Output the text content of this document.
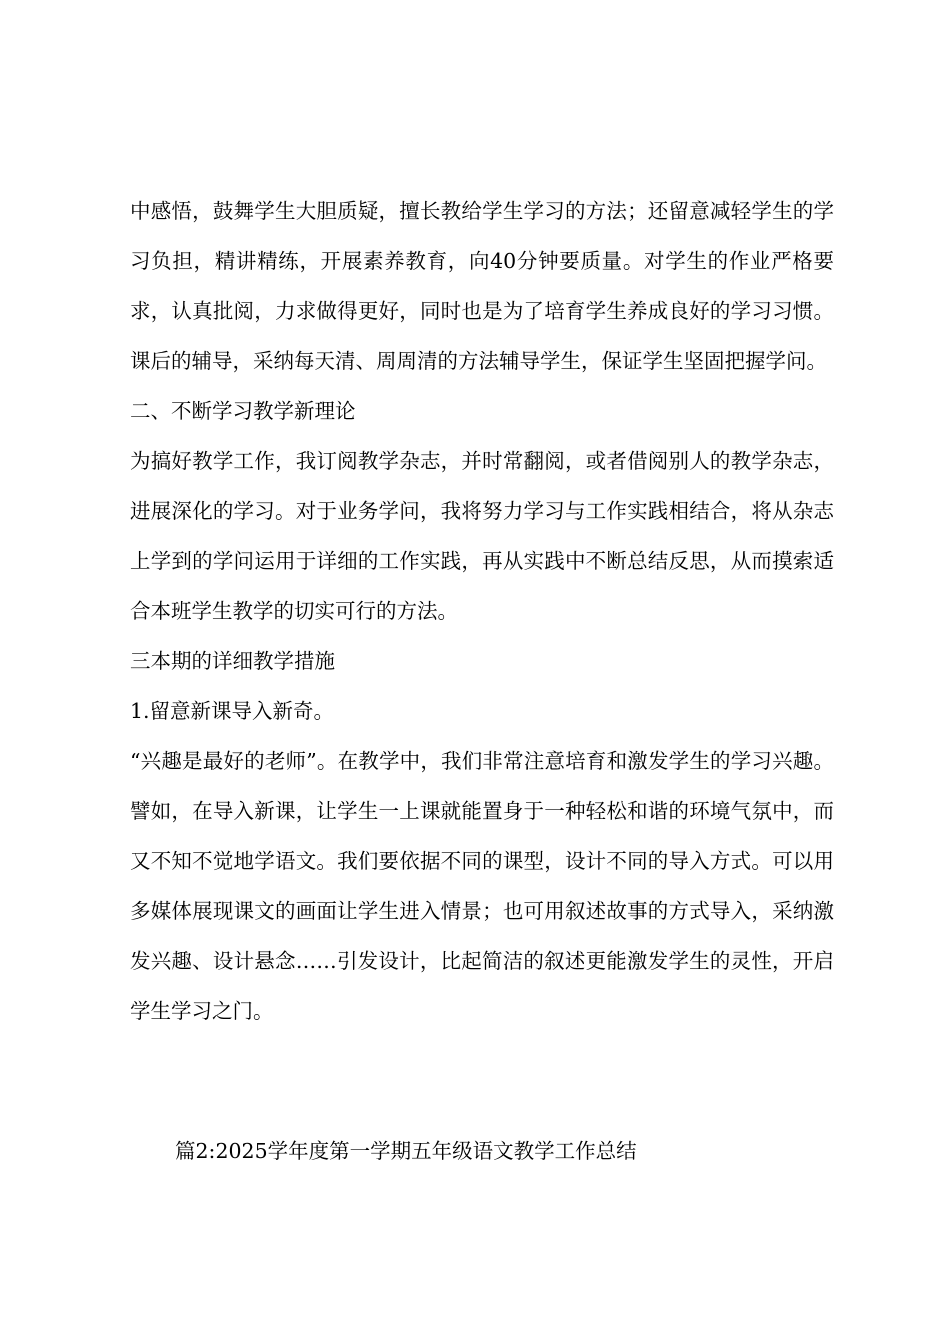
中感悟，鼓舞学生大胆质疑，擅长教给学生学习的方法；还留意减轻学生的学习负担，精讲精练，开展素养教育，向40分钟要质量。对学生的作业严格要求，认真批阅，力求做得更好，同时也是为了培育学生养成良好的学习习惯。课后的辅导，采纳每天清、周周清的方法辅导学生，保证学生坚固把握学问。

二、不断学习教学新理论

为搞好教学工作，我订阅教学杂志，并时常翻阅，或者借阅别人的教学杂志，进展深化的学习。对于业务学问，我将努力学习与工作实践相结合，将从杂志上学到的学问运用于详细的工作实践，再从实践中不断总结反思，从而摸索适合本班学生教学的切实可行的方法。

三本期的详细教学措施

1.留意新课导入新奇。

“兴趣是最好的老师”。在教学中，我们非常注意培育和激发学生的学习兴趣。譬如，在导入新课，让学生一上课就能置身于一种轻松和谐的环境气氛中，而又不知不觉地学语文。我们要依据不同的课型，设计不同的导入方式。可以用多媒体展现课文的画面让学生进入情景；也可用叙述故事的方式导入，采纳激发兴趣、设计悬念……引发设计，比起简洁的叙述更能激发学生的灵性，开启学生学习之门。

篇2:2025学年度第一学期五年级语文教学工作总结
